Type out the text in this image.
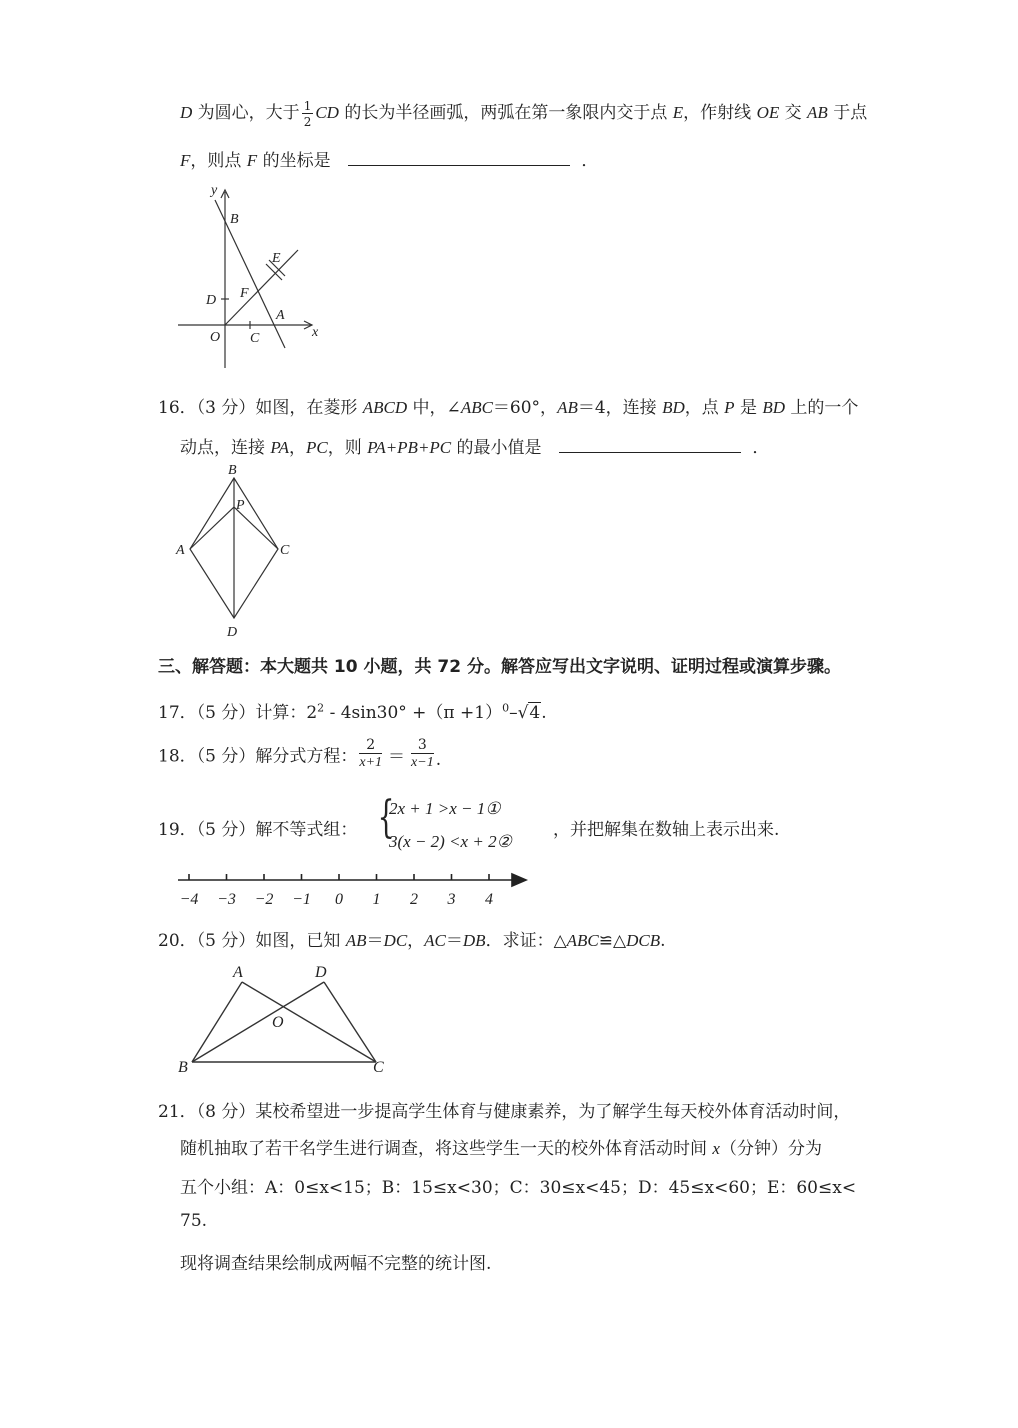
D 为圆心，大于 $\frac{1}{2}$ CD 的长为半径画弧，两弧在第一象限内交于点 E，作射线 OE 交 AB 于点
F，则点 F 的坐标是	．
y
B
E
D F
A
O C	x
16．（3 分）如图，在菱形 ABCD 中，∠ABC＝60°，AB＝4，连接 BD，点 P 是 BD 上的一个
动点，连接 PA，PC，则 PA+PB+PC 的最小值是	．
B
P
A	C
D
三、解答题：本大题共 10 小题，共 72 分。解答应写出文字说明、证明过程或演算步骤。
17．（5 分）计算：$2^2 - 4\sin 30^\circ +(\pi +1)^0-√4$.
18．（5 分）解分式方程： $\frac{2}{x+1} = \frac{3}{x-1}$ .
19．（5 分）解不等式组： {
2x + 1 >x − 1①
3(x − 2) <x + 2②
，并把解集在数轴上表示出来.
−4 −3 −2 −1 0 1 2 3 4
20．（5 分）如图，已知 AB＝DC，AC＝DB．求证：△ABC≌△DCB.
A	D
O
B	C
21．（8 分）某校希望进一步提高学生体育与健康素养，为了解学生每天校外体育活动时间，
随机抽取了若干名学生进行调查，将这些学生一天的校外体育活动时间 x（分钟）分为
五个小组：A：0≤x<15；B：15≤x<30；C：30≤x<45；D：45≤x<60；E：60≤x<
75.
现将调查结果绘制成两幅不完整的统计图.
